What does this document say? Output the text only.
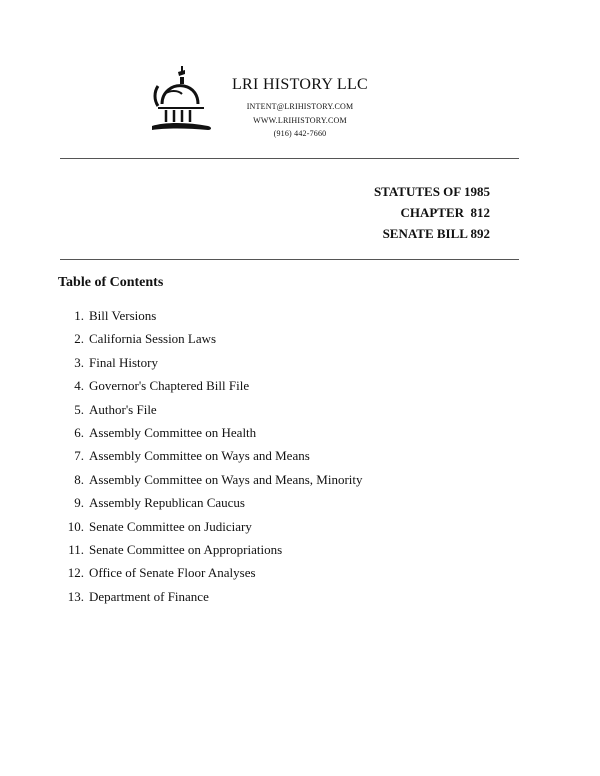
LRI HISTORY LLC
INTENT@LRIHISTORY.COM
WWW.LRIHISTORY.COM
(916) 442-7660
STATUTES OF 1985
CHAPTER  812
SENATE BILL 892
Table of Contents
1. Bill Versions
2. California Session Laws
3. Final History
4. Governor's Chaptered Bill File
5. Author's File
6. Assembly Committee on Health
7. Assembly Committee on Ways and Means
8. Assembly Committee on Ways and Means, Minority
9. Assembly Republican Caucus
10. Senate Committee on Judiciary
11. Senate Committee on Appropriations
12. Office of Senate Floor Analyses
13. Department of Finance
